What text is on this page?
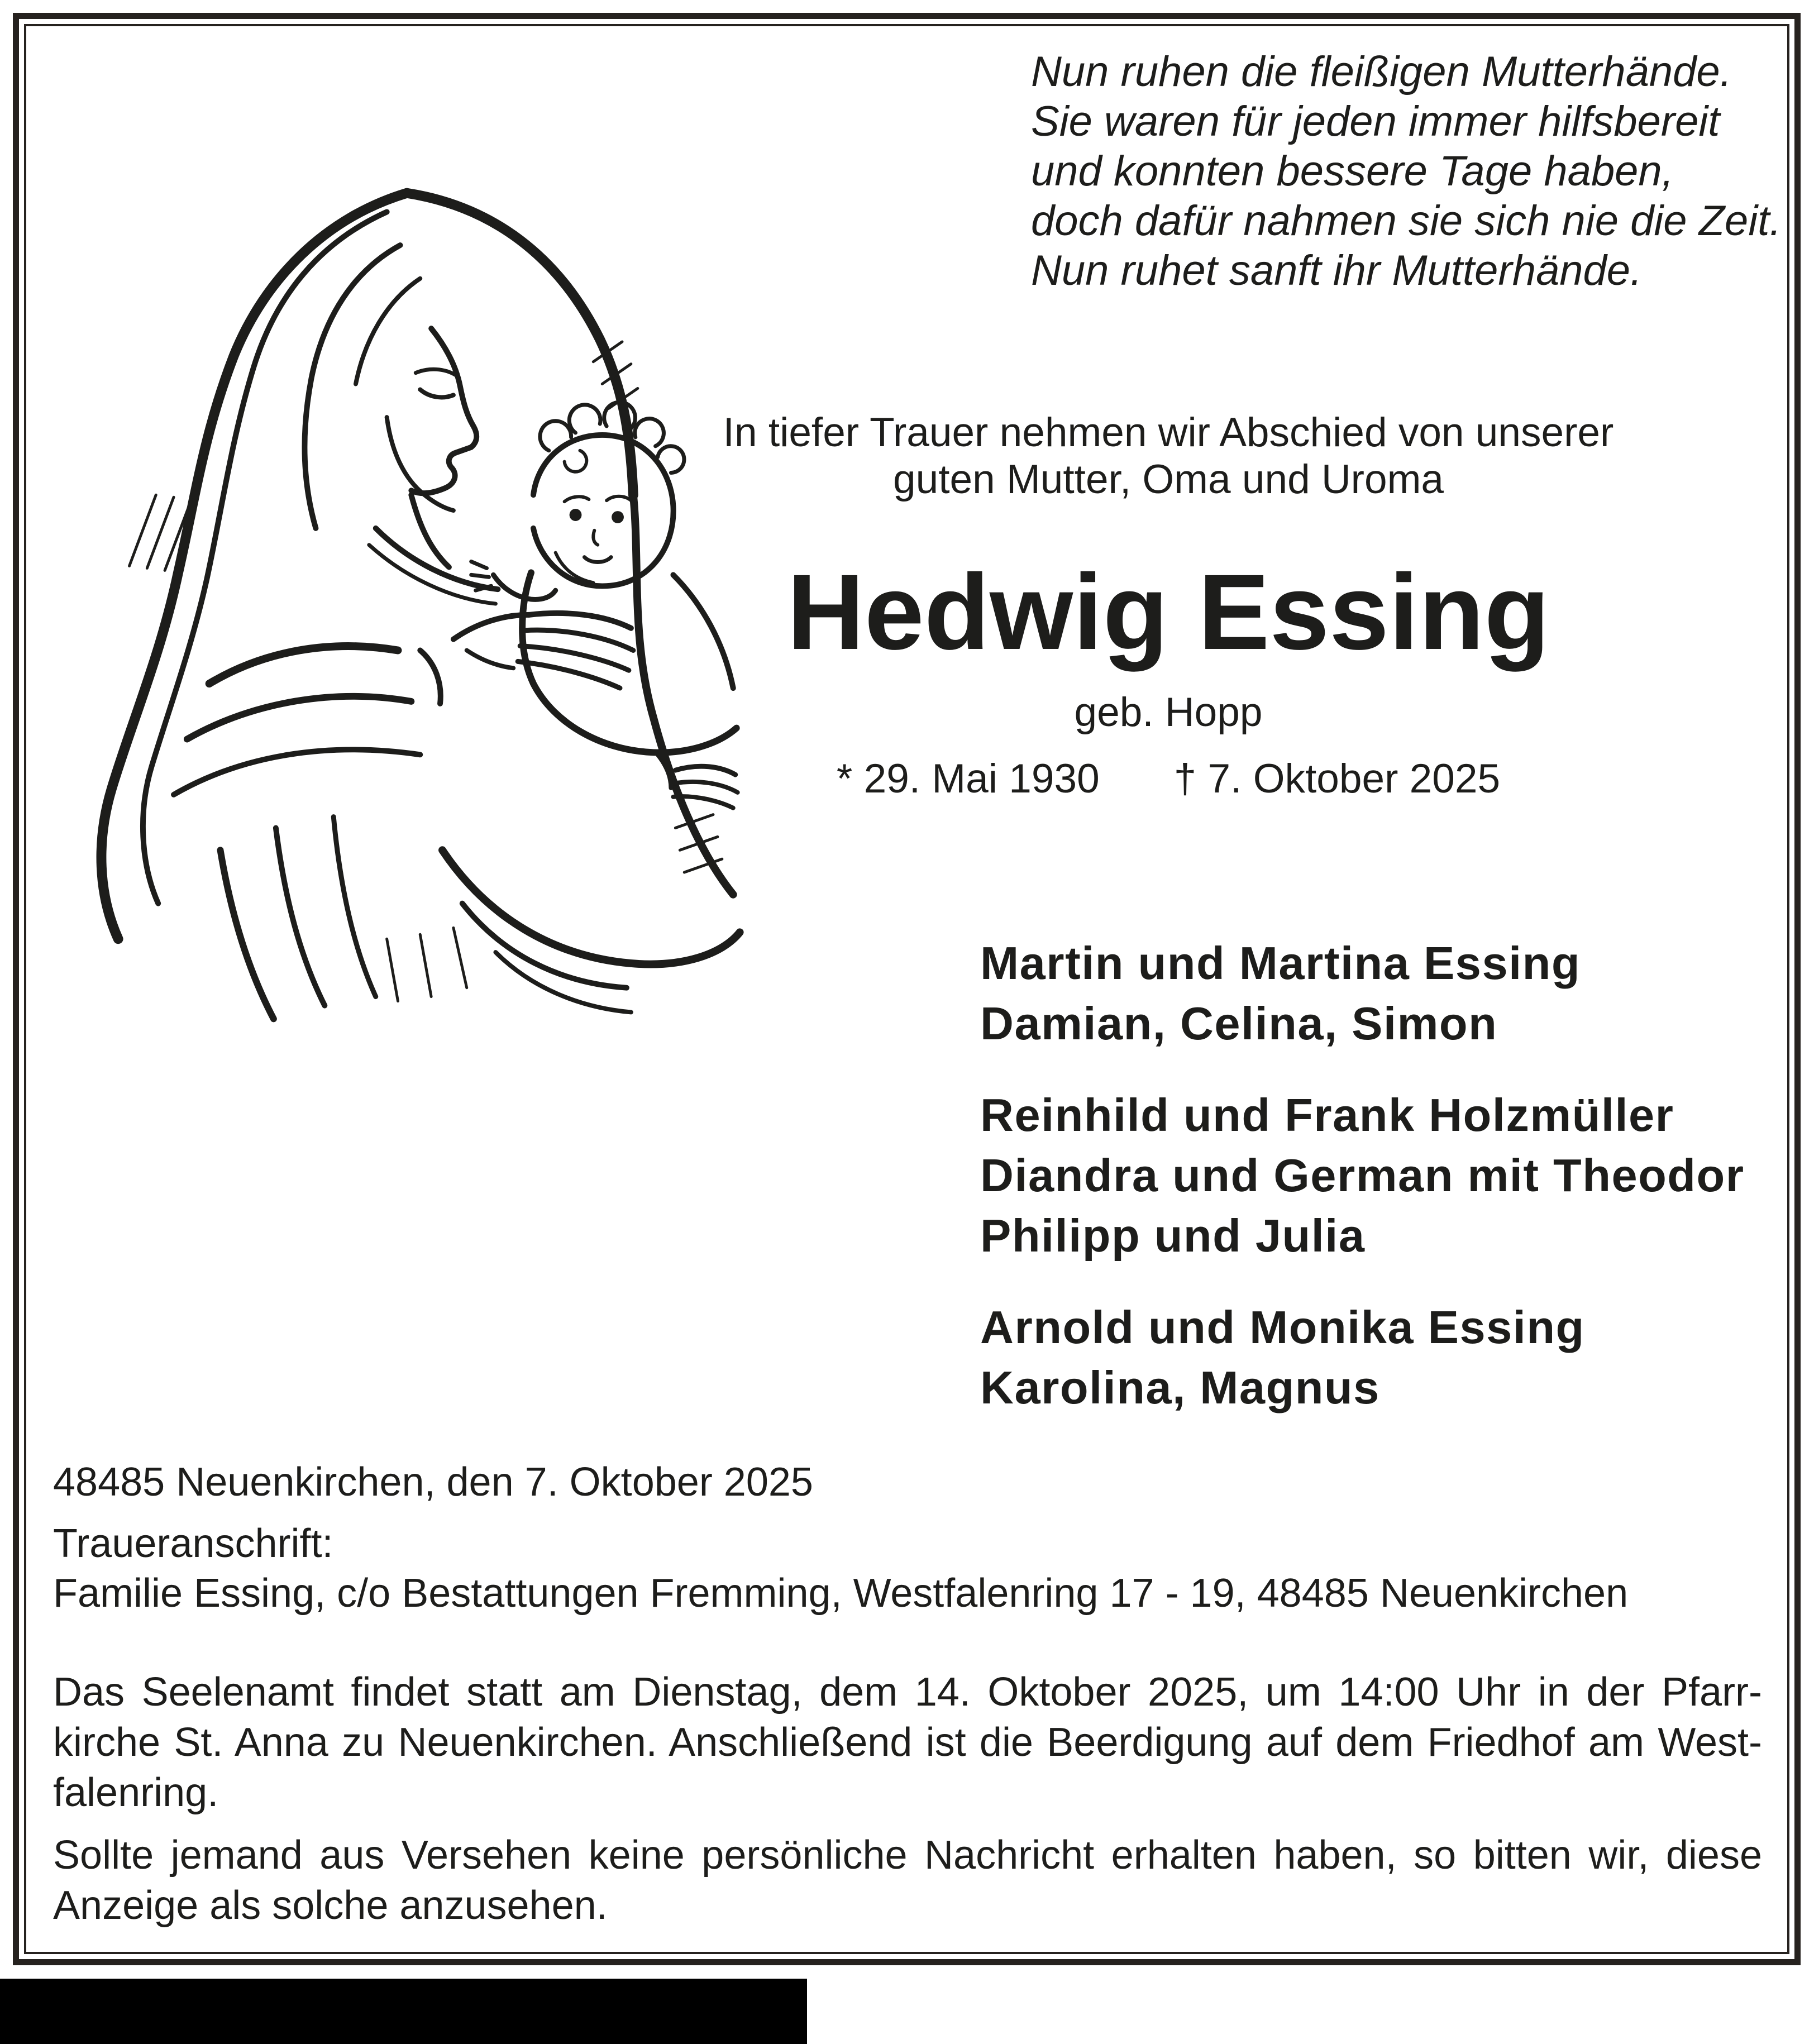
Nun ruhen die fleißigen Mutterhände.
Sie waren für jeden immer hilfsbereit
und konnten bessere Tage haben,
doch dafür nahmen sie sich nie die Zeit.
Nun ruhet sanft ihr Mutterhände.
In tiefer Trauer nehmen wir Abschied von unserer
guten Mutter, Oma und Uroma
Hedwig Essing
geb. Hopp
* 29. Mai 1930 † 7. Oktober 2025
Martin und Martina Essing
Damian, Celina, Simon
Reinhild und Frank Holzmüller
Diandra und German mit Theodor
Philipp und Julia
Arnold und Monika Essing
Karolina, Magnus
48485 Neuenkirchen, den 7. Oktober 2025
Traueranschrift:
Familie Essing, c/o Bestattungen Fremming, Westfalenring 17 - 19, 48485 Neuenkirchen
Das Seelenamt findet statt am Dienstag, dem 14. Oktober 2025, um 14:00 Uhr in der Pfarr-
kirche St. Anna zu Neuenkirchen. Anschließend ist die Beerdigung auf dem Friedhof am West-
falenring.
Sollte jemand aus Versehen keine persönliche Nachricht erhalten haben, so bitten wir, diese
Anzeige als solche anzusehen.
